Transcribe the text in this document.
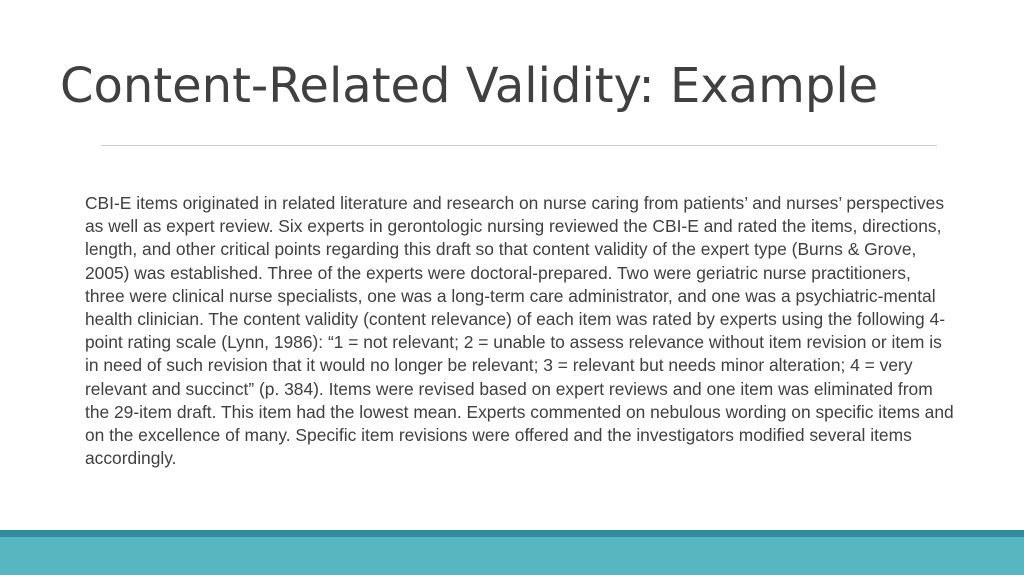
Content-Related Validity: Example

CBI-E items originated in related literature and research on nurse caring from patients’ and nurses’ perspectives as well as expert review. Six experts in gerontologic nursing reviewed the CBI-E and rated the items, directions, length, and other critical points regarding this draft so that content validity of the expert type (Burns & Grove, 2005) was established. Three of the experts were doctoral-prepared. Two were geriatric nurse practitioners, three were clinical nurse specialists, one was a long-term care administrator, and one was a psychiatric-mental health clinician. The content validity (content relevance) of each item was rated by experts using the following 4-point rating scale (Lynn, 1986): “1 = not relevant; 2 = unable to assess relevance without item revision or item is in need of such revision that it would no longer be relevant; 3 = relevant but needs minor alteration; 4 = very relevant and succinct” (p. 384). Items were revised based on expert reviews and one item was eliminated from the 29-item draft. This item had the lowest mean. Experts commented on nebulous wording on specific items and on the excellence of many. Specific item revisions were offered and the investigators modified several items accordingly.
